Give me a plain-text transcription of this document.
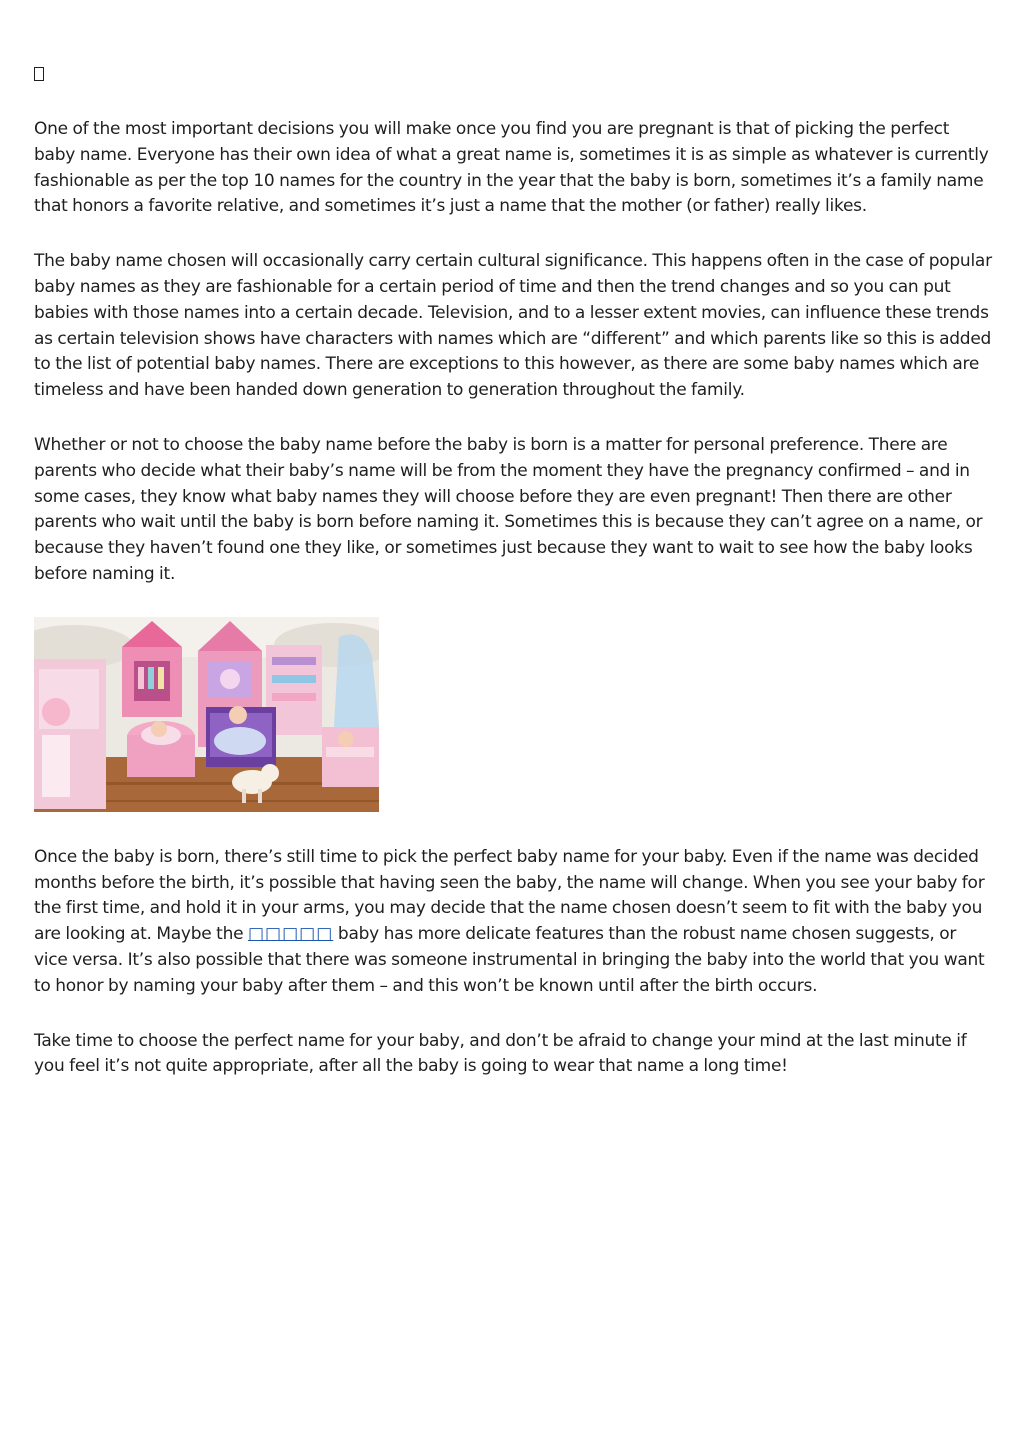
One of the most important decisions you will make once you find you are pregnant is that of picking the perfect baby name. Everyone has their own idea of what a great name is, sometimes it is as simple as whatever is currently fashionable as per the top 10 names for the country in the year that the baby is born, sometimes it’s a family name that honors a favorite relative, and sometimes it’s just a name that the mother (or father) really likes.

The baby name chosen will occasionally carry certain cultural significance. This happens often in the case of popular baby names as they are fashionable for a certain period of time and then the trend changes and so you can put babies with those names into a certain decade. Television, and to a lesser extent movies, can influence these trends as certain television shows have characters with names which are “different” and which parents like so this is added to the list of potential baby names. There are exceptions to this however, as there are some baby names which are timeless and have been handed down generation to generation throughout the family.

Whether or not to choose the baby name before the baby is born is a matter for personal preference. There are parents who decide what their baby’s name will be from the moment they have the pregnancy confirmed – and in some cases, they know what baby names they will choose before they are even pregnant! Then there are other parents who wait until the baby is born before naming it. Sometimes this is because they can’t agree on a name, or because they haven’t found one they like, or sometimes just because they want to wait to see how the baby looks before naming it.

Once the baby is born, there’s still time to pick the perfect baby name for your baby. Even if the name was decided months before the birth, it’s possible that having seen the baby, the name will change. When you see your baby for the first time, and hold it in your arms, you may decide that the name chosen doesn’t seem to fit with the baby you are looking at. Maybe the □□□□□ baby has more delicate features than the robust name chosen suggests, or vice versa. It’s also possible that there was someone instrumental in bringing the baby into the world that you want to honor by naming your baby after them – and this won’t be known until after the birth occurs.

Take time to choose the perfect name for your baby, and don’t be afraid to change your mind at the last minute if you feel it’s not quite appropriate, after all the baby is going to wear that name a long time!
